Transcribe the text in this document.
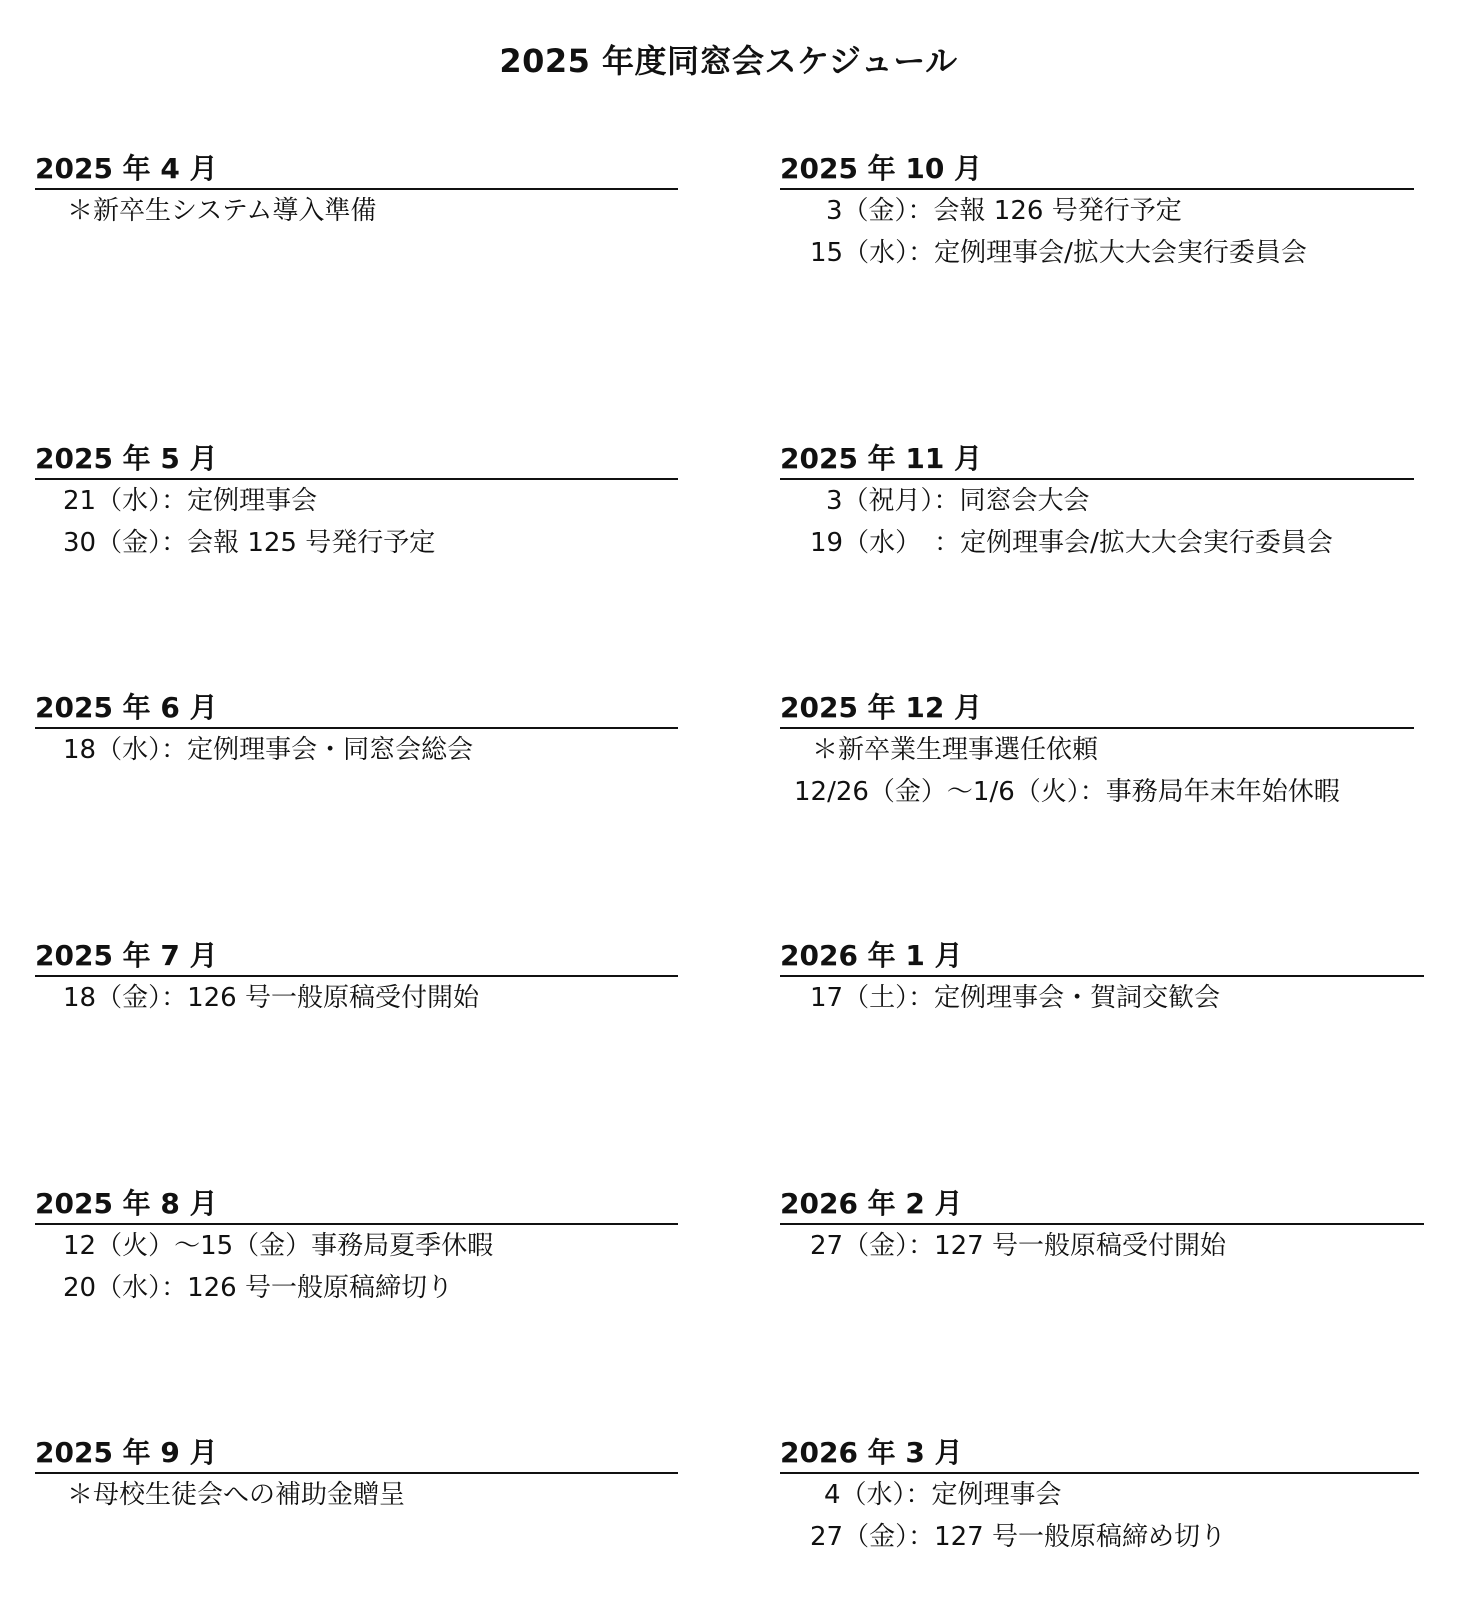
2025 年度同窓会スケジュール
2025 年 4 月
＊新卒生システム導入準備
2025 年 5 月
21（水）：定例理事会
30（金）：会報 125 号発行予定
2025 年 6 月
18（水）：定例理事会・同窓会総会
2025 年 7 月
18（金）：126 号一般原稿受付開始
2025 年 8 月
12（火）～15（金）事務局夏季休暇
20（水）：126 号一般原稿締切り
2025 年 9 月
＊母校生徒会への補助金贈呈
2025 年 10 月
3（金）：会報 126 号発行予定
15（水）：定例理事会/拡大大会実行委員会
2025 年 11 月
3（祝月）：同窓会大会
19（水）　：定例理事会/拡大大会実行委員会
2025 年 12 月
＊新卒業生理事選任依頼
12/26（金）～1/6（火）：事務局年末年始休暇
2026 年 1 月
17（土）：定例理事会・賀詞交歓会
2026 年 2 月
27（金）：127 号一般原稿受付開始
2026 年 3 月
4（水）：定例理事会
27（金）：127 号一般原稿締め切り
